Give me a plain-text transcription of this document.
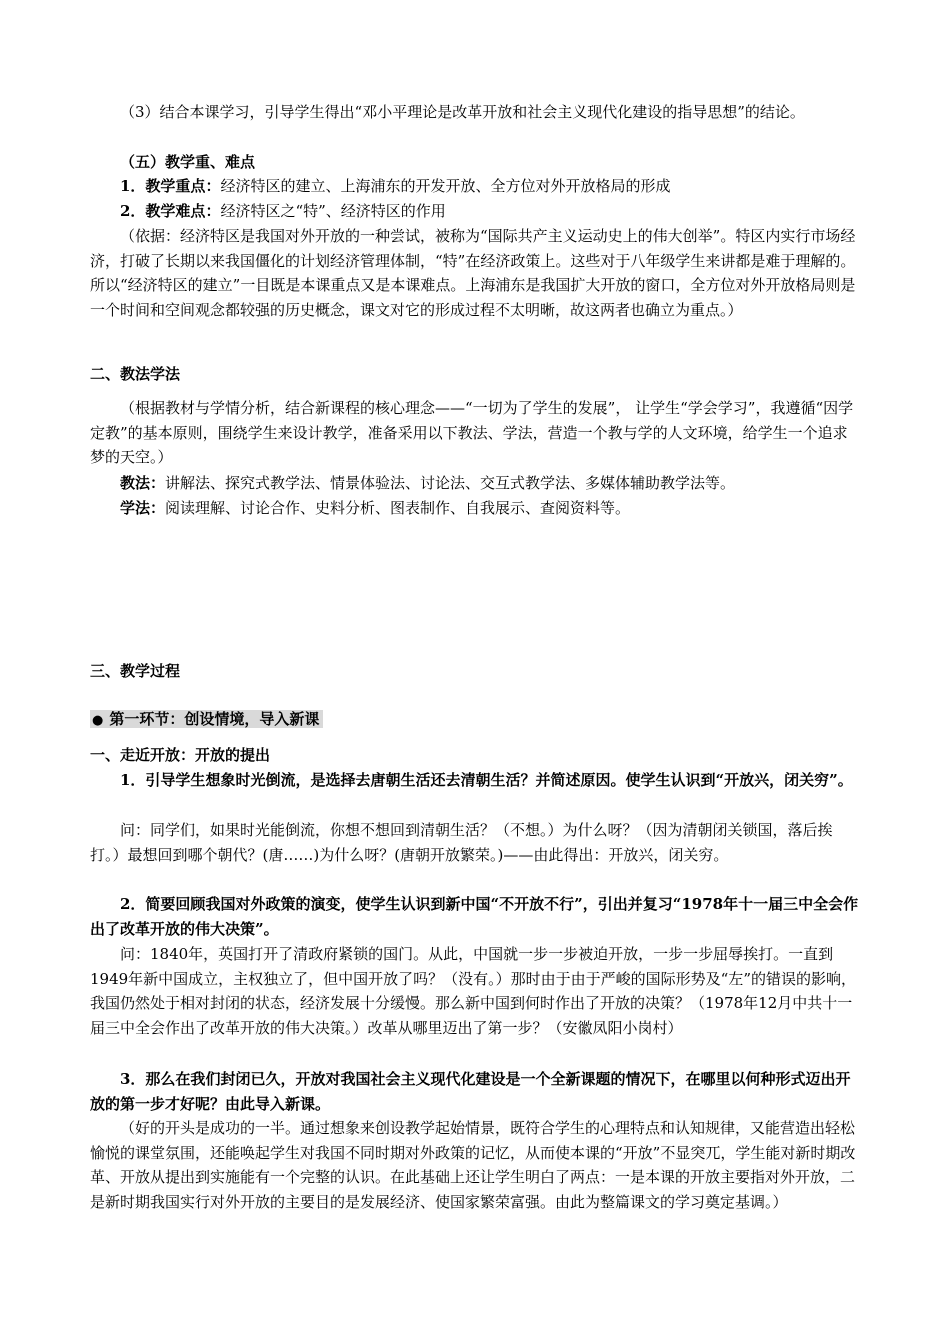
（3）结合本课学习，引导学生得出“邓小平理论是改革开放和社会主义现代化建设的指导思想”的结论。

（五）教学重、难点

1．教学重点：经济特区的建立、上海浦东的开发开放、全方位对外开放格局的形成

2．教学难点：经济特区之“特”、经济特区的作用

（依据：经济特区是我国对外开放的一种尝试，被称为“国际共产主义运动史上的伟大创举”。特区内实行市场经济，打破了长期以来我国僵化的计划经济管理体制，“特”在经济政策上。这些对于八年级学生来讲都是难于理解的。所以“经济特区的建立”一目既是本课重点又是本课难点。上海浦东是我国扩大开放的窗口，全方位对外开放格局则是一个时间和空间观念都较强的历史概念，课文对它的形成过程不太明晰，故这两者也确立为重点。）

二、教法学法

（根据教材与学情分析，结合新课程的核心理念——“一切为了学生的发展”， 让学生“学会学习”，我遵循“因学定教”的基本原则，围绕学生来设计教学，准备采用以下教法、学法，营造一个教与学的人文环境，给学生一个追求梦的天空。）

教法：讲解法、探究式教学法、情景体验法、讨论法、交互式教学法、多媒体辅助教学法等。

学法：阅读理解、讨论合作、史料分析、图表制作、自我展示、查阅资料等。

三、教学过程

● 第一环节：创设情境，导入新课

一、走近开放：开放的提出

1．引导学生想象时光倒流，是选择去唐朝生活还去清朝生活？并简述原因。使学生认识到“开放兴，闭关穷”。

问：同学们，如果时光能倒流，你想不想回到清朝生活？（不想。）为什么呀？（因为清朝闭关锁国，落后挨打。）最想回到哪个朝代？(唐……)为什么呀？(唐朝开放繁荣。)——由此得出：开放兴，闭关穷。

2．简要回顾我国对外政策的演变，使学生认识到新中国“不开放不行”，引出并复习“1978年十一届三中全会作出了改革开放的伟大决策”。

问：1840年，英国打开了清政府紧锁的国门。从此，中国就一步一步被迫开放，一步一步屈辱挨打。一直到1949年新中国成立，主权独立了，但中国开放了吗？（没有。）那时由于由于严峻的国际形势及“左”的错误的影响，我国仍然处于相对封闭的状态，经济发展十分缓慢。那么新中国到何时作出了开放的决策？（1978年12月中共十一届三中全会作出了改革开放的伟大决策。）改革从哪里迈出了第一步？（安徽凤阳小岗村）

3．那么在我们封闭已久，开放对我国社会主义现代化建设是一个全新课题的情况下，在哪里以何种形式迈出开放的第一步才好呢？由此导入新课。

（好的开头是成功的一半。通过想象来创设教学起始情景，既符合学生的心理特点和认知规律，又能营造出轻松愉悦的课堂氛围，还能唤起学生对我国不同时期对外政策的记忆，从而使本课的“开放”不显突兀，学生能对新时期改革、开放从提出到实施能有一个完整的认识。在此基础上还让学生明白了两点：一是本课的开放主要指对外开放，二是新时期我国实行对外开放的主要目的是发展经济、使国家繁荣富强。由此为整篇课文的学习奠定基调。）
